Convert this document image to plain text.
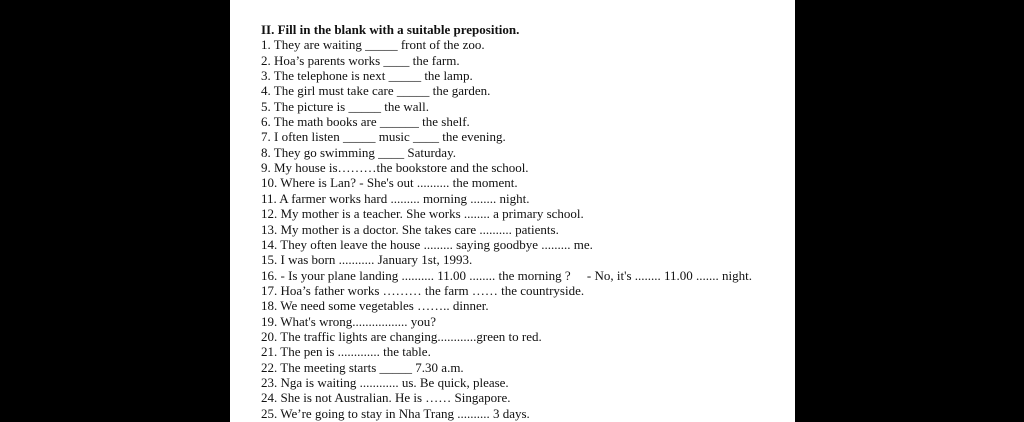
II. Fill in the blank with a suitable preposition.
1. They are waiting _____ front of the zoo.
2. Hoa’s parents works ____ the farm.
3. The telephone is next _____ the lamp.
4. The girl must take care _____ the garden.
5. The picture is _____ the wall.
6. The math books are ______ the shelf.
7. I often listen _____ music ____ the evening.
8. They go swimming ____ Saturday.
9. My house is………the bookstore and the school.
10. Where is Lan? - She's out .......... the moment.
11. A farmer works hard ......... morning ........ night.
12. My mother is a teacher. She works ........ a primary school.
13. My mother is a doctor. She takes care .......... patients.
14. They often leave the house ......... saying goodbye ......... me.
15. I was born ........... January 1st, 1993.
16. - Is your plane landing .......... 11.00 ........ the morning ?     - No, it's ........ 11.00 ....... night.
17. Hoa’s father works ……… the farm …… the countryside.
18. We need some vegetables …….. dinner.
19. What's wrong................. you?
20. The traffic lights are changing............green to red.
21. The pen is ............. the table.
22. The meeting starts _____ 7.30 a.m.
23. Nga is waiting ............ us. Be quick, please.
24. She is not Australian. He is …… Singapore.
25. We’re going to stay in Nha Trang .......... 3 days.
